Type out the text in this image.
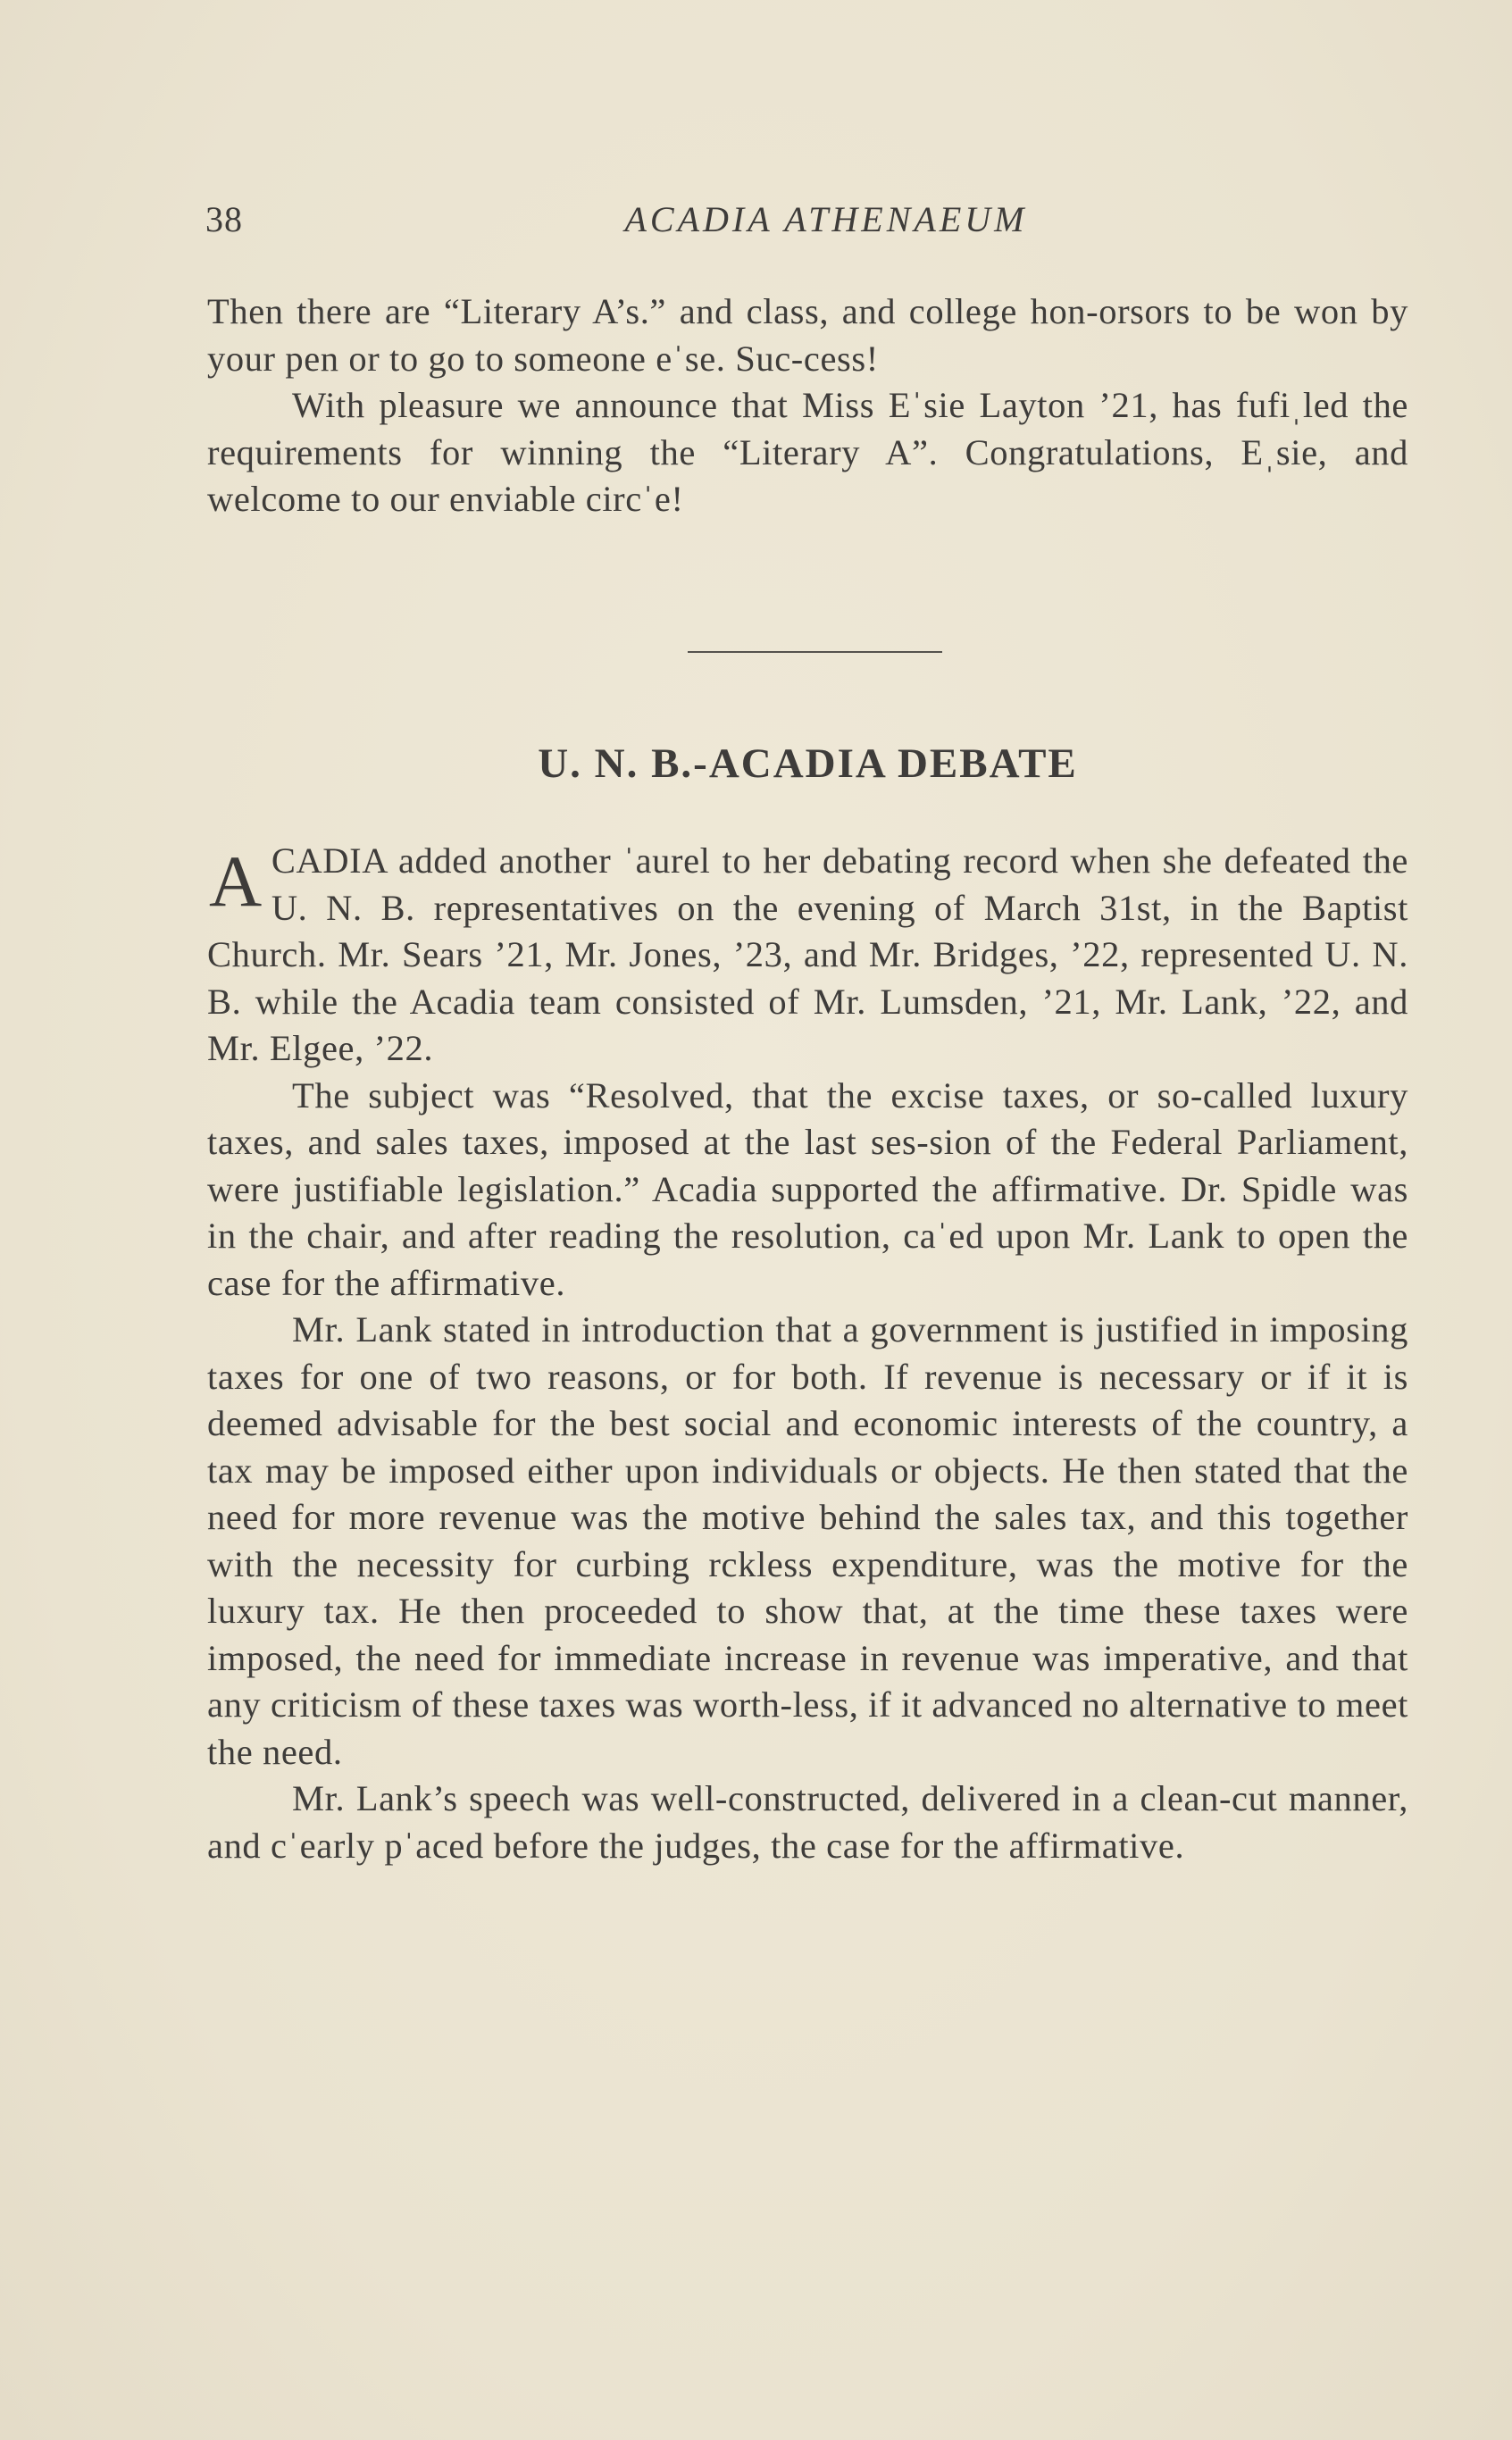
38	ACADIA ATHENAEUM

Then there are “Literary A’s.” and class, and college hon-orsors to be won by your pen or to go to someone eˈse. Suc-cess!

With pleasure we announce that Miss Eˈsie Layton ’21, has fufiˌled the requirements for winning the “Literary A”. Congratulations, Eˌsie, and welcome to our enviable circˈe!

U. N. B.-ACADIA DEBATE

ACADIA added another ˈaurel to her debating record when she defeated the U. N. B. representatives on the evening of March 31st, in the Baptist Church. Mr. Sears ’21, Mr. Jones, ’23, and Mr. Bridges, ’22, represented U. N. B. while the Acadia team consisted of Mr. Lumsden, ’21, Mr. Lank, ’22, and Mr. Elgee, ’22.

The subject was “Resolved, that the excise taxes, or so-called luxury taxes, and sales taxes, imposed at the last ses-sion of the Federal Parliament, were justifiable legislation.” Acadia supported the affirmative. Dr. Spidle was in the chair, and after reading the resolution, caˈed upon Mr. Lank to open the case for the affirmative.

Mr. Lank stated in introduction that a government is justified in imposing taxes for one of two reasons, or for both. If revenue is necessary or if it is deemed advisable for the best social and economic interests of the country, a tax may be imposed either upon individuals or objects. He then stated that the need for more revenue was the motive behind the sales tax, and this together with the necessity for curbing rckless expenditure, was the motive for the luxury tax. He then proceeded to show that, at the time these taxes were imposed, the need for immediate increase in revenue was imperative, and that any criticism of these taxes was worth-less, if it advanced no alternative to meet the need.

Mr. Lank’s speech was well-constructed, delivered in a clean-cut manner, and cˈearly pˈaced before the judges, the case for the affirmative.
